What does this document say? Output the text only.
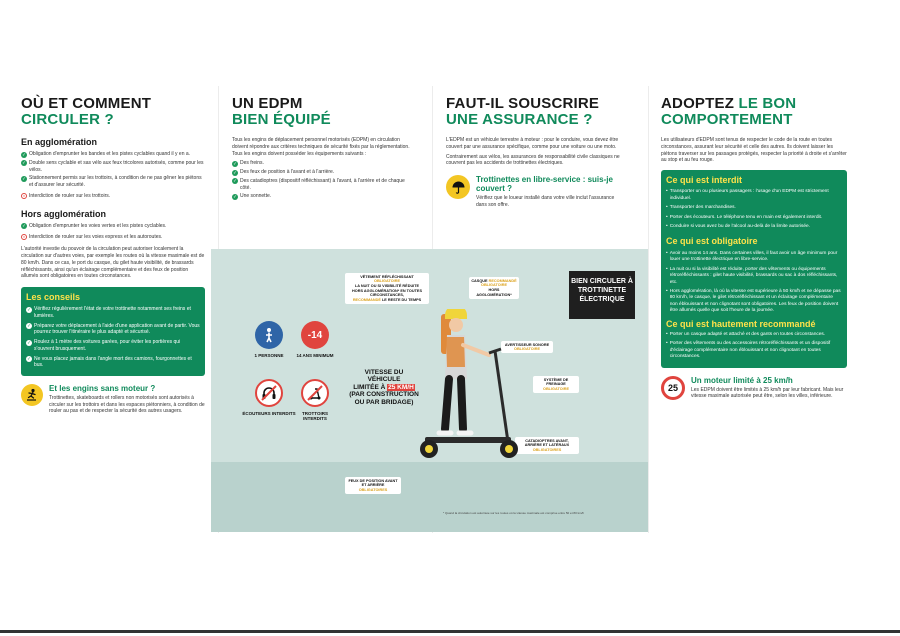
OÙ ET COMMENT
CIRCULER ?
En agglomération
✓ Obligation d'emprunter les bandes et les pistes cyclables quand il y en a.
✓ Double sens cyclable et sas vélo aux feux tricolores autorisés, comme pour les vélos.
✓ Stationnement permis sur les trottoirs, à condition de ne pas gêner les piétons et d'assurer leur sécurité.
× Interdiction de rouler sur les trottoirs.
Hors agglomération
✓ Obligation d'emprunter les voies vertes et les pistes cyclables.
× Interdiction de rouler sur les voies express et les autoroutes.

L'autorité investie du pouvoir de la circulation peut autoriser localement la circulation sur d'autres voies, par exemple les routes où la vitesse maximale est de 80 km/h. Dans ce cas, le port du casque, du gilet haute visibilité, de brassards réfléchissants, ainsi qu'un éclairage complémentaire et des feux de position allumés sont obligatoires en toutes circonstances.

Les conseils
✓ Vérifiez régulièrement l'état de votre trottinette notamment ses freins et lumières.
✓ Préparez votre déplacement à l'aide d'une application avant de partir. Vous pourrez trouver l'itinéraire le plus adapté et sécurisé.
✓ Roulez à 1 mètre des voitures garées, pour éviter les portières qui s'ouvrent brusquement.
✓ Ne vous placez jamais dans l'angle mort des camions, fourgonnettes et bus.
Et les engins sans moteur ?
Trottinettes, skateboards et rollers non motorisés sont autorisés à circuler sur les trottoirs et dans les espaces piétonniers, à condition de rouler au pas et de respecter la sécurité des autres usagers.
UN EDPM
BIEN ÉQUIPÉ

Tous les engins de déplacement personnel motorisés (EDPM) en circulation doivent répondre aux critères techniques de sécurité fixés par la réglementation. Tous les engins doivent posséder les équipements suivants :

✓ Des freins.
✓ Des feux de position à l'avant et à l'arrière.
✓ Des catadioptres (dispositif réfléchissant) à l'avant, à l'arrière et de chaque côté.
✓ Une sonnette.
FAUT-IL SOUSCRIRE
UNE ASSURANCE ?

L'EDPM est un véhicule terrestre à moteur : pour le conduire, vous devez être couvert par une assurance spécifique, comme pour une voiture ou une moto.

Contrairement aux vélos, les assurances de responsabilité civile classiques ne couvrent pas les accidents de trottinettes électriques.

Trottinettes en libre-service : suis-je couvert ?
Vérifiez que le loueur installé dans votre ville inclut l'assurance dans son offre.
ADOPTEZ LE BON
COMPORTEMENT

Les utilisateurs d'EDPM sont tenus de respecter le code de la route en toutes circonstances, assurant leur sécurité et celle des autres. Ils doivent laisser les piétons traverser sur les passages protégés, respecter la priorité à droite et s'arrêter au stop et au feu rouge.

Ce qui est interdit
• Transporter un ou plusieurs passagers : l'usage d'un EDPM est strictement individuel.
• Transporter des marchandises.
• Porter des écouteurs. Le téléphone tenu en main est également interdit.
• Conduire si vous avez bu de l'alcool au-delà de la limite autorisée.
Ce qui est obligatoire
• Avoir au moins 14 ans. Dans certaines villes, il faut avoir un âge minimum pour louer une trottinette électrique en libre-service.
• La nuit ou si la visibilité est réduite, porter des vêtements ou équipements rétroréfléchissants : gilet haute visibilité, brassards ou sac à dos réfléchissants, etc.
• Hors agglomération, là où la vitesse est supérieure à 50 km/h et ne dépasse pas 80 km/h, le casque, le gilet rétroréfléchissant et un éclairage complémentaire non éblouissant et non clignotant sont obligatoires. Les feux de position doivent être allumés quelle que soit l'heure de la journée.
Ce qui est hautement recommandé
• Porter un casque adapté et attaché et des gants en toutes circonstances.
• Porter des vêtements ou des accessoires rétroréfléchissants et un dispositif d'éclairage complémentaire non éblouissant et non clignotant en toutes circonstances.
25
Un moteur limité à 25 km/h
Les EDPM doivent être limités à 25 km/h par leur fabricant. Mais leur vitesse maximale autorisée peut être, selon les villes, inférieure.
1 PERSONNE
-14
14 ANS MINIMUM
ÉCOUTEURS INTERDITS	TROTTOIRS INTERDITS
VITESSE DU VÉHICULE
LIMITÉE À 25 KM/H
(PAR CONSTRUCTION OU PAR BRIDAGE)
VÊTEMENT RÉFLÉCHISSANT OBLIGATOIRE
LA NUIT OU SI VISIBILITÉ RÉDUITE
HORS AGGLOMÉRATION* EN TOUTES CIRCONSTANCES,
RECOMMANDÉ LE RESTE DU TEMPS
CASQUE RECOMMANDÉ
OBLIGATOIRE
HORS AGGLOMÉRATION*
BIEN CIRCULER À TROTTINETTE ÉLECTRIQUE
AVERTISSEUR SONORE
OBLIGATOIRE
SYSTÈME DE FREINAGE
OBLIGATOIRE
CATADIOPTRES AVANT, ARRIÈRE ET LATÉRAUX
OBLIGATOIRES
FEUX DE POSITION AVANT ET ARRIÈRE
OBLIGATOIRES
* Quand la circulation est autorisée sur les routes où la vitesse maximale est comprise entre 50 et 80 km/h
